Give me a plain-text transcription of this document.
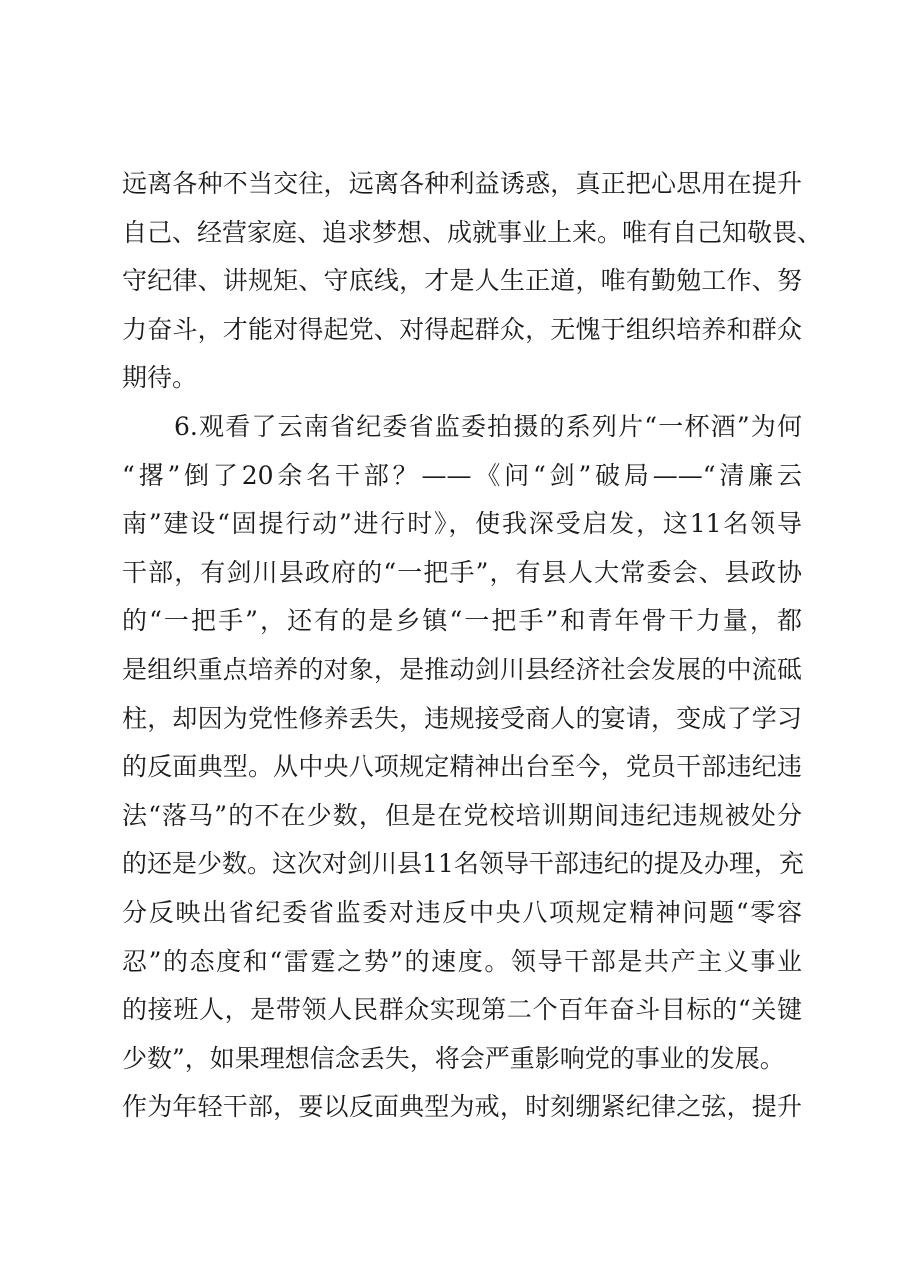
远离各种不当交往，远离各种利益诱惑，真正把心思用在提升
自己、经营家庭、追求梦想、成就事业上来。唯有自己知敬畏、
守纪律、讲规矩、守底线，才是人生正道，唯有勤勉工作、努
力奋斗，才能对得起党、对得起群众，无愧于组织培养和群众
期待。
6.观看了云南省纪委省监委拍摄的系列片“一杯酒”为何
“撂”倒了20余名干部？——《问“剑”破局——“清廉云
南”建设“固提行动”进行时》，使我深受启发，这11名领导
干部，有剑川县政府的“一把手”，有县人大常委会、县政协
的“一把手”，还有的是乡镇“一把手”和青年骨干力量，都
是组织重点培养的对象，是推动剑川县经济社会发展的中流砥
柱，却因为党性修养丢失，违规接受商人的宴请，变成了学习
的反面典型。从中央八项规定精神出台至今，党员干部违纪违
法“落马”的不在少数，但是在党校培训期间违纪违规被处分
的还是少数。这次对剑川县11名领导干部违纪的提及办理，充
分反映出省纪委省监委对违反中央八项规定精神问题“零容
忍”的态度和“雷霆之势”的速度。领导干部是共产主义事业
的接班人，是带领人民群众实现第二个百年奋斗目标的“关键
少数”，如果理想信念丢失，将会严重影响党的事业的发展。
作为年轻干部，要以反面典型为戒，时刻绷紧纪律之弦，提升
